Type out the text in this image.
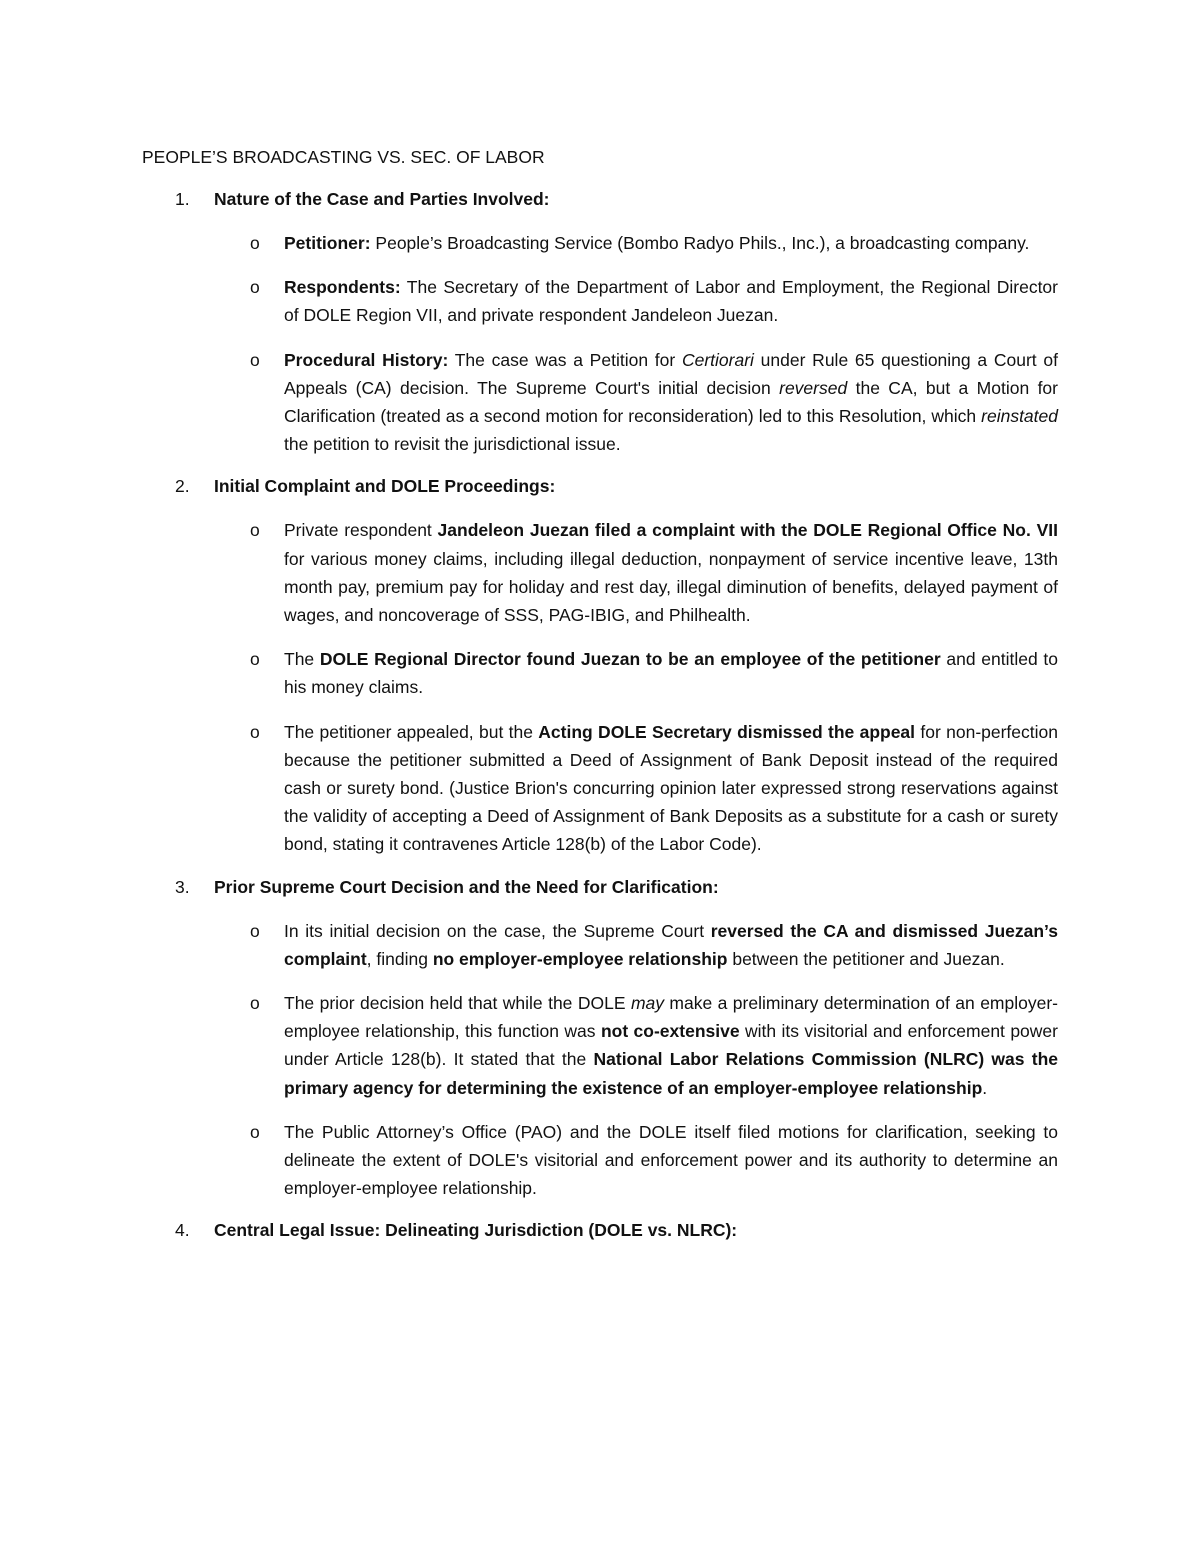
PEOPLE’S BROADCASTING VS. SEC. OF LABOR
1.	Nature of the Case and Parties Involved:
o	Petitioner: People’s Broadcasting Service (Bombo Radyo Phils., Inc.), a broadcasting company.
o	Respondents: The Secretary of the Department of Labor and Employment, the Regional Director of DOLE Region VII, and private respondent Jandeleon Juezan.
o	Procedural History: The case was a Petition for Certiorari under Rule 65 questioning a Court of Appeals (CA) decision. The Supreme Court's initial decision reversed the CA, but a Motion for Clarification (treated as a second motion for reconsideration) led to this Resolution, which reinstated the petition to revisit the jurisdictional issue.
2.	Initial Complaint and DOLE Proceedings:
o	Private respondent Jandeleon Juezan filed a complaint with the DOLE Regional Office No. VII for various money claims, including illegal deduction, nonpayment of service incentive leave, 13th month pay, premium pay for holiday and rest day, illegal diminution of benefits, delayed payment of wages, and noncoverage of SSS, PAG-IBIG, and Philhealth.
o	The DOLE Regional Director found Juezan to be an employee of the petitioner and entitled to his money claims.
o	The petitioner appealed, but the Acting DOLE Secretary dismissed the appeal for non-perfection because the petitioner submitted a Deed of Assignment of Bank Deposit instead of the required cash or surety bond. (Justice Brion's concurring opinion later expressed strong reservations against the validity of accepting a Deed of Assignment of Bank Deposits as a substitute for a cash or surety bond, stating it contravenes Article 128(b) of the Labor Code).
3.	Prior Supreme Court Decision and the Need for Clarification:
o	In its initial decision on the case, the Supreme Court reversed the CA and dismissed Juezan’s complaint, finding no employer-employee relationship between the petitioner and Juezan.
o	The prior decision held that while the DOLE may make a preliminary determination of an employer-employee relationship, this function was not co-extensive with its visitorial and enforcement power under Article 128(b). It stated that the National Labor Relations Commission (NLRC) was the primary agency for determining the existence of an employer-employee relationship.
o	The Public Attorney’s Office (PAO) and the DOLE itself filed motions for clarification, seeking to delineate the extent of DOLE's visitorial and enforcement power and its authority to determine an employer-employee relationship.
4.	Central Legal Issue: Delineating Jurisdiction (DOLE vs. NLRC):
